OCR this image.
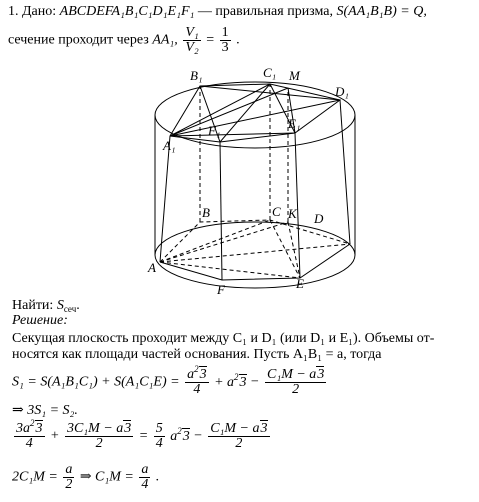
1. Дано: ABCDEFA₁B₁C₁D₁E₁F₁ — правильная призма, S(AA₁B₁B) = Q,
сечение проходит через AA₁, $\frac{\text{V₁}}{\text{V₂}} = \frac{1}{3}$ .
B₁	C₁ M
D₁
A₁
F₁	E₁
B	C K D
A
F	E
Найти: $S_{сеч}$.
Решение:
Секущая плоскость проходит между C₁ и D₁ (или D₁ и E₁). Объемы от-
носятся как площади частей основания. Пусть A₁B₁ = a, тогда
$S_1 = S(A_1B_1C_1) + S(A_1C_1E) = \frac{a^23}{4} + a^23 - \frac{\text{C₁M − a3}}{2}$
⇒ 3S₁ = S₂.
$\frac{3a^23}{4} + \frac{\text{3C₁M − a3}}{2} = \frac{5}{4} a^23 - \frac{\text{C₁M − a3}}{2}$
$2C_1M = \frac{a}{2}$ ⇒ $C_1M = \frac{a}{4}$ .
